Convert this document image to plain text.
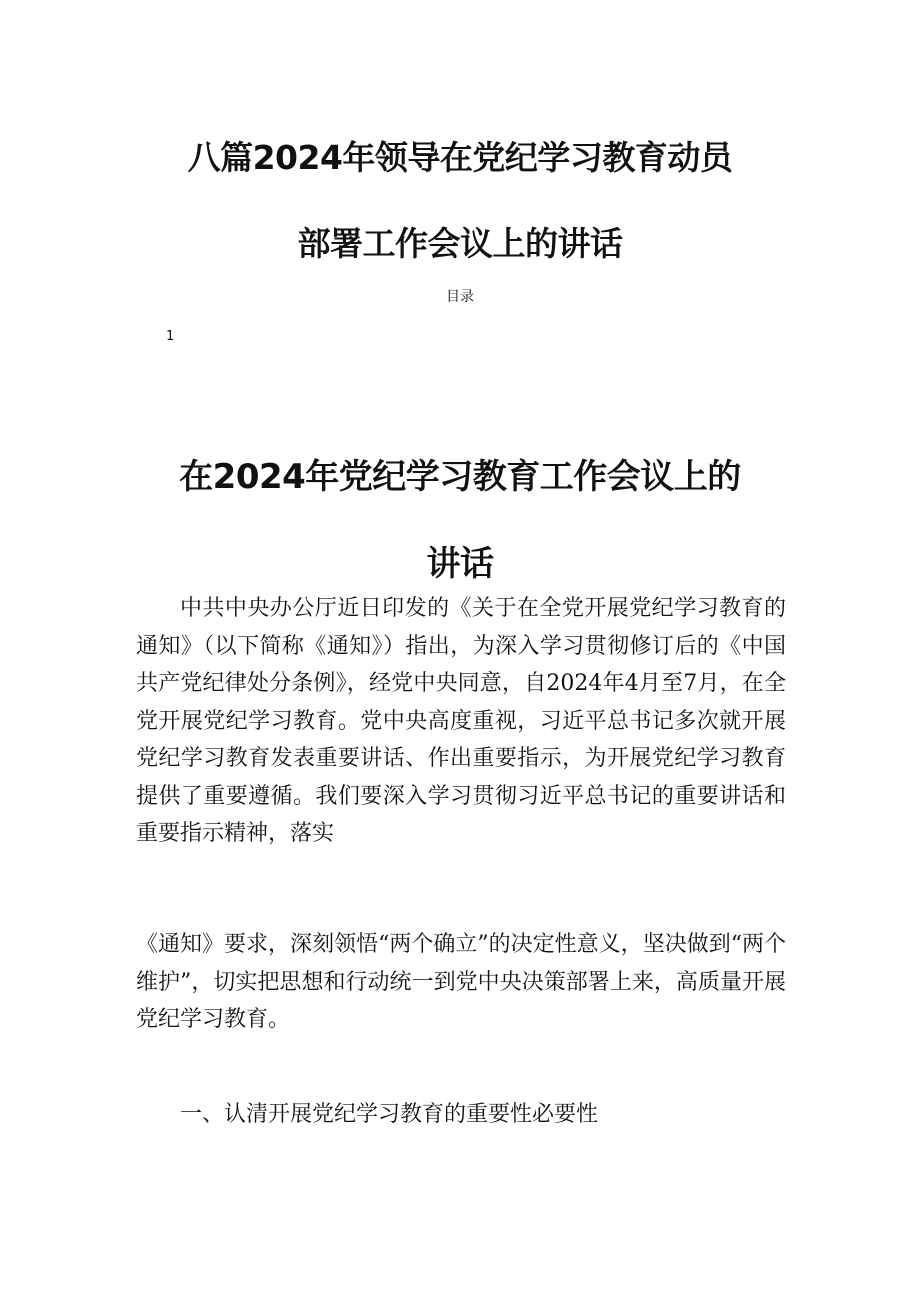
八篇2024年领导在党纪学习教育动员
部署工作会议上的讲话
目录
1
在2024年党纪学习教育工作会议上的
讲话

中共中央办公厅近日印发的《关于在全党开展党纪学习教育的通知》（以下简称《通知》）指出，为深入学习贯彻修订后的《中国共产党纪律处分条例》，经党中央同意，自2024年4月至7月，在全党开展党纪学习教育。党中央高度重视，习近平总书记多次就开展党纪学习教育发表重要讲话、作出重要指示，为开展党纪学习教育提供了重要遵循。我们要深入学习贯彻习近平总书记的重要讲话和重要指示精神，落实

《通知》要求，深刻领悟“两个确立”的决定性意义，坚决做到“两个维护”，切实把思想和行动统一到党中央决策部署上来，高质量开展党纪学习教育。

一、认清开展党纪学习教育的重要性必要性
